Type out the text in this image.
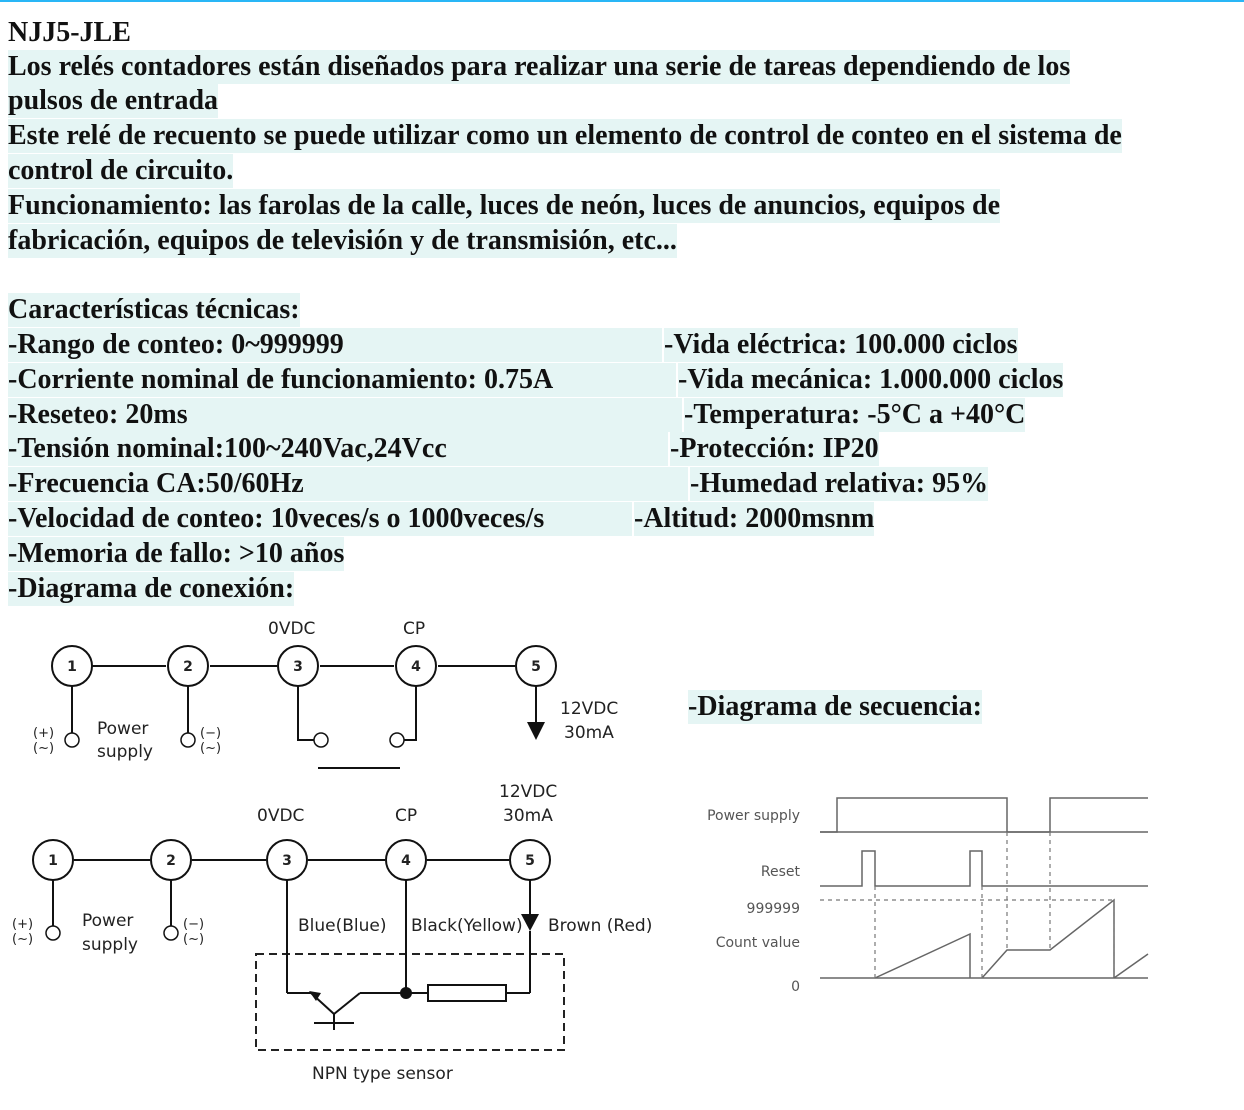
NJJ5-JLE
Los relés contadores están diseñados para realizar una serie de tareas dependiendo de los
pulsos de entrada
Este relé de recuento se puede utilizar como un elemento de control de conteo en el sistema de
control de circuito.
Funcionamiento: las farolas de la calle, luces de neón, luces de anuncios, equipos de
fabricación, equipos de televisión y de transmisión, etc...
Características técnicas:
-Rango de conteo: 0~999999
-Corriente nominal de funcionamiento: 0.75A
-Reseteo: 20ms
-Tensión nominal:100~240Vac,24Vcc
-Frecuencia CA:50/60Hz
-Velocidad de conteo: 10veces/s o 1000veces/s
-Vida eléctrica: 100.000 ciclos
-Vida mecánica: 1.000.000 ciclos
-Temperatura: -5°C a +40°C
-Protección: IP20
-Humedad relativa: 95%
-Altitud: 2000msnm
-Memoria de fallo: >10 años
-Diagrama de conexión:
-Diagrama de secuencia:
1	2	3	4	5
0VDC	CP
(+)
(~)
Power
supply
(−)
(~)
12VDC
30mA
12VDC
30mA
0VDC	CP
1	2	3	4	5
(+)
(~)
Power
supply
(−)
(~)
Blue(Blue) Black(Yellow) Brown (Red)
NPN type sensor
Power supply
Reset
999999
Count value
0
